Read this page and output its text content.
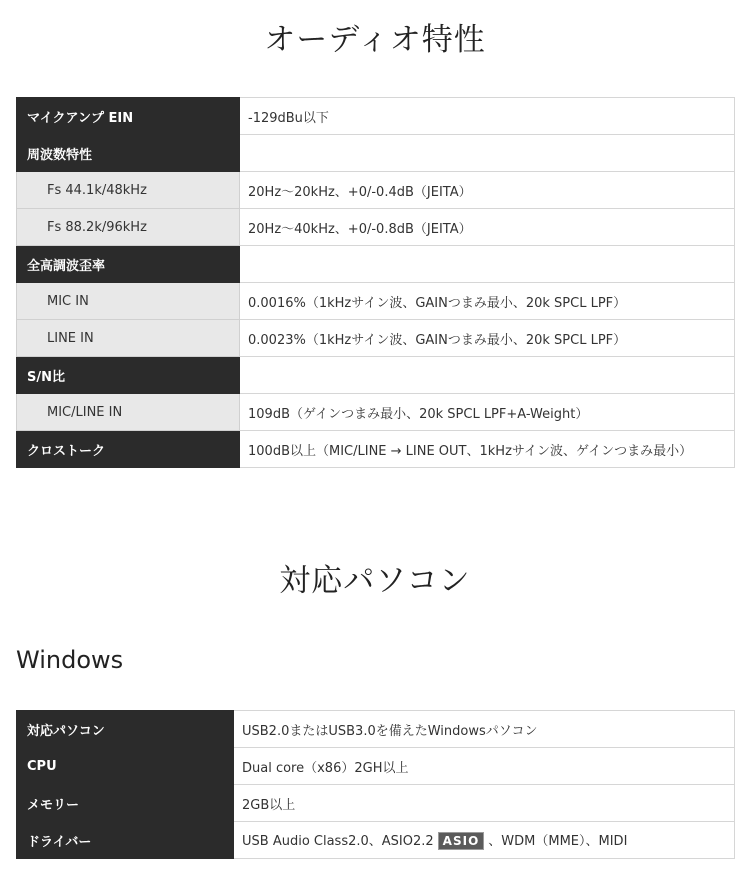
オーディオ特性
マイクアンプ EIN	-129dBu以下
周波数特性	
Fs 44.1k/48kHz	20Hz〜20kHz、+0/-0.4dB（JEITA）
Fs 88.2k/96kHz	20Hz〜40kHz、+0/-0.8dB（JEITA）
全高調波歪率	
MIC IN	0.0016%（1kHzサイン波、GAINつまみ最小、20k SPCL LPF）
LINE IN	0.0023%（1kHzサイン波、GAINつまみ最小、20k SPCL LPF）
S/N比	
MIC/LINE IN	109dB（ゲインつまみ最小、20k SPCL LPF+A-Weight）
クロストーク	100dB以上（MIC/LINE → LINE OUT、1kHzサイン波、ゲインつまみ最小）
対応パソコン
Windows
対応パソコン	USB2.0またはUSB3.0を備えたWindowsパソコン
CPU	Dual core（x86）2GH以上
メモリー	2GB以上
ドライバー	USB Audio Class2.0、ASIO2.2 ASIO 、WDM（MME）、MIDI
